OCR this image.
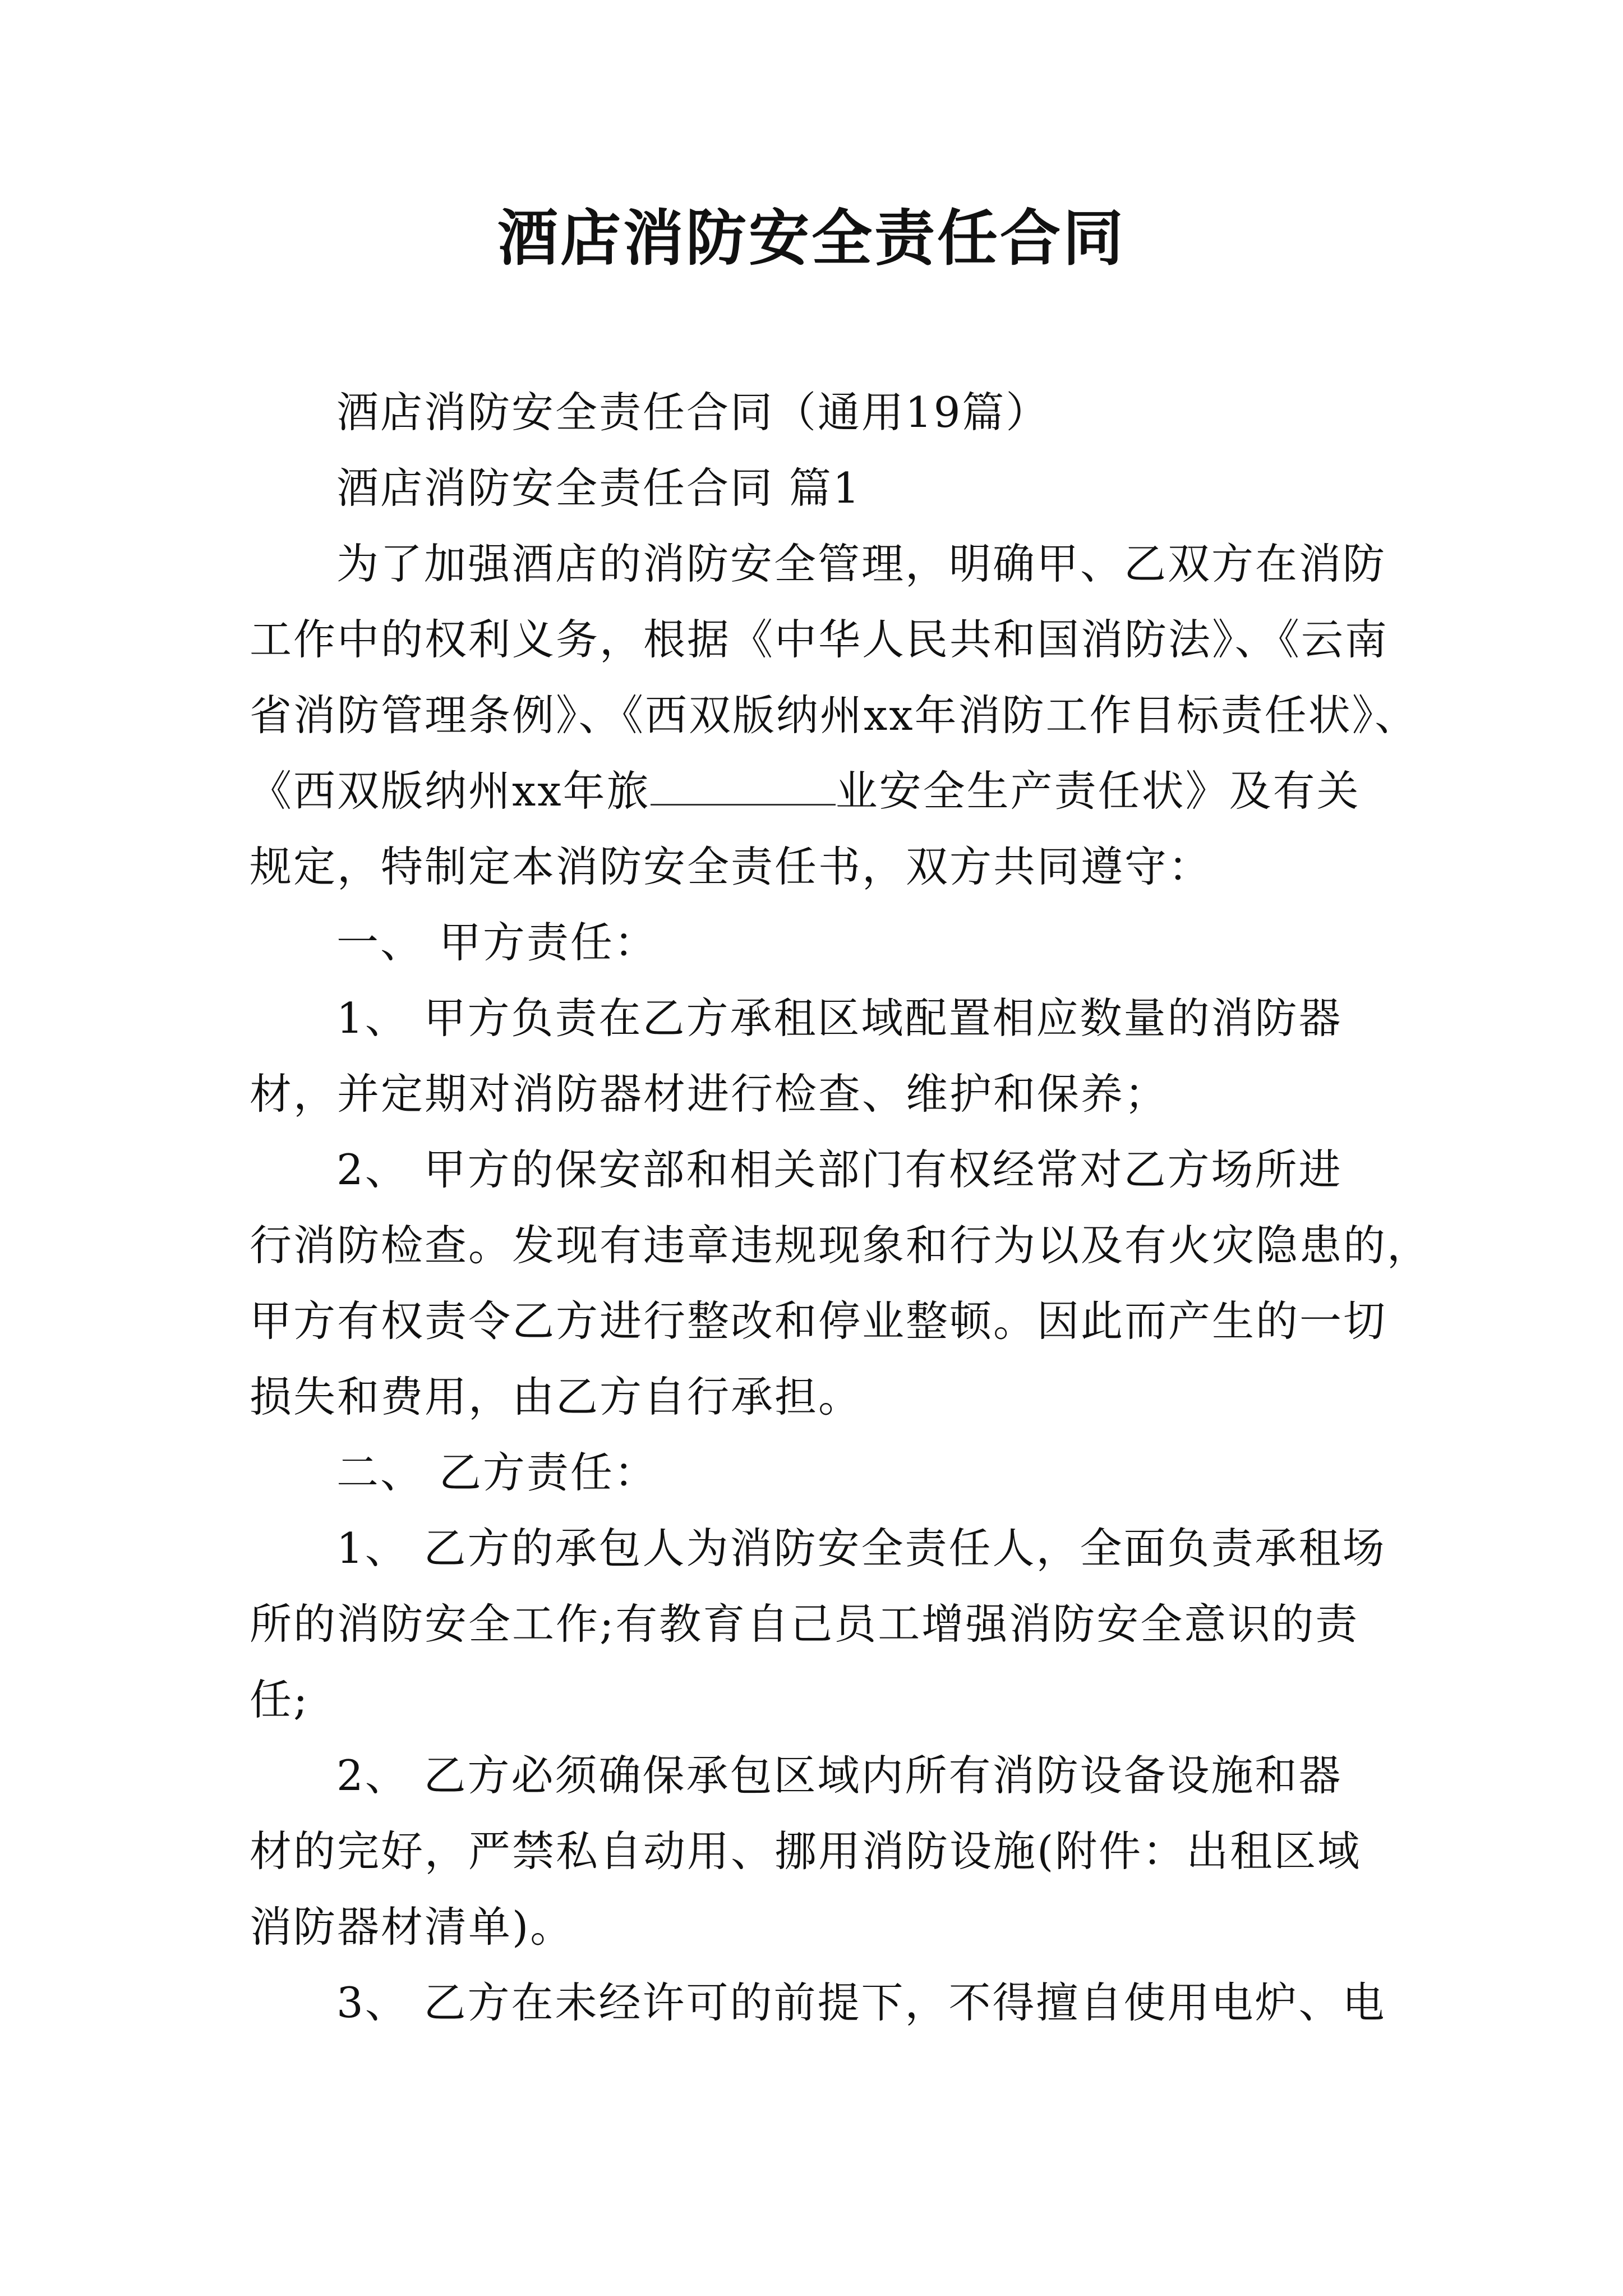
酒店消防安全责任合同
酒店消防安全责任合同（通用19篇）
酒店消防安全责任合同 篇1
为了加强酒店的消防安全管理，明确甲、乙双方在消防
工作中的权利义务，根据《中华人民共和国消防法》、《云南
省消防管理条例》、《西双版纳州xx年消防工作目标责任状》、
《西双版纳州xx年旅	业安全生产责任状》及有关
规定，特制定本消防安全责任书，双方共同遵守：
一、 甲方责任：
1、 甲方负责在乙方承租区域配置相应数量的消防器
材，并定期对消防器材进行检查、维护和保养；
2、 甲方的保安部和相关部门有权经常对乙方场所进
行消防检查。发现有违章违规现象和行为以及有火灾隐患的，
甲方有权责令乙方进行整改和停业整顿。因此而产生的一切
损失和费用，由乙方自行承担。
二、 乙方责任：
1、 乙方的承包人为消防安全责任人，全面负责承租场
所的消防安全工作;有教育自己员工增强消防安全意识的责
任;
2、 乙方必须确保承包区域内所有消防设备设施和器
材的完好，严禁私自动用、挪用消防设施(附件：出租区域
消防器材清单)。
3、 乙方在未经许可的前提下，不得擅自使用电炉、电
